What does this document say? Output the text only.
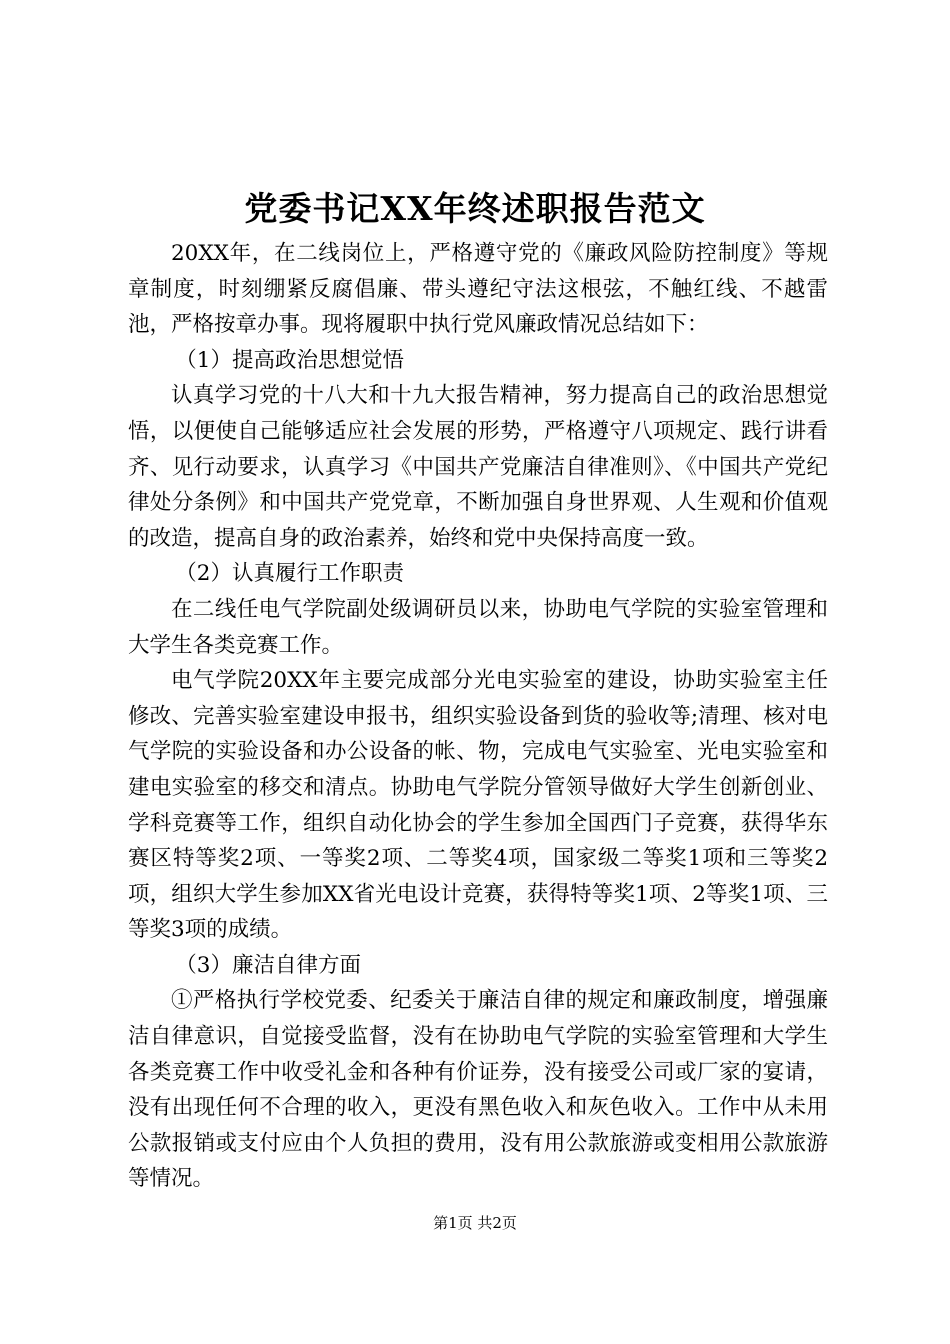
党委书记XX年终述职报告范文

20XX年，在二线岗位上，严格遵守党的《廉政风险防控制度》等规章制度，时刻绷紧反腐倡廉、带头遵纪守法这根弦，不触红线、不越雷池，严格按章办事。现将履职中执行党风廉政情况总结如下：

（1）提高政治思想觉悟

认真学习党的十八大和十九大报告精神，努力提高自己的政治思想觉悟，以便使自己能够适应社会发展的形势，严格遵守八项规定、践行讲看齐、见行动要求，认真学习《中国共产党廉洁自律准则》、《中国共产党纪律处分条例》和中国共产党党章，不断加强自身世界观、人生观和价值观的改造，提高自身的政治素养，始终和党中央保持高度一致。

（2）认真履行工作职责

在二线任电气学院副处级调研员以来，协助电气学院的实验室管理和大学生各类竞赛工作。

电气学院20XX年主要完成部分光电实验室的建设，协助实验室主任修改、完善实验室建设申报书，组织实验设备到货的验收等;清理、核对电气学院的实验设备和办公设备的帐、物，完成电气实验室、光电实验室和建电实验室的移交和清点。协助电气学院分管领导做好大学生创新创业、学科竞赛等工作，组织自动化协会的学生参加全国西门子竞赛，获得华东赛区特等奖2项、一等奖2项、二等奖4项，国家级二等奖1项和三等奖2项，组织大学生参加XX省光电设计竞赛，获得特等奖1项、2等奖1项、三等奖3项的成绩。

（3）廉洁自律方面

①严格执行学校党委、纪委关于廉洁自律的规定和廉政制度，增强廉洁自律意识，自觉接受监督，没有在协助电气学院的实验室管理和大学生各类竞赛工作中收受礼金和各种有价证券，没有接受公司或厂家的宴请，没有出现任何不合理的收入，更没有黑色收入和灰色收入。工作中从未用公款报销或支付应由个人负担的费用，没有用公款旅游或变相用公款旅游等情况。

第1页 共2页
